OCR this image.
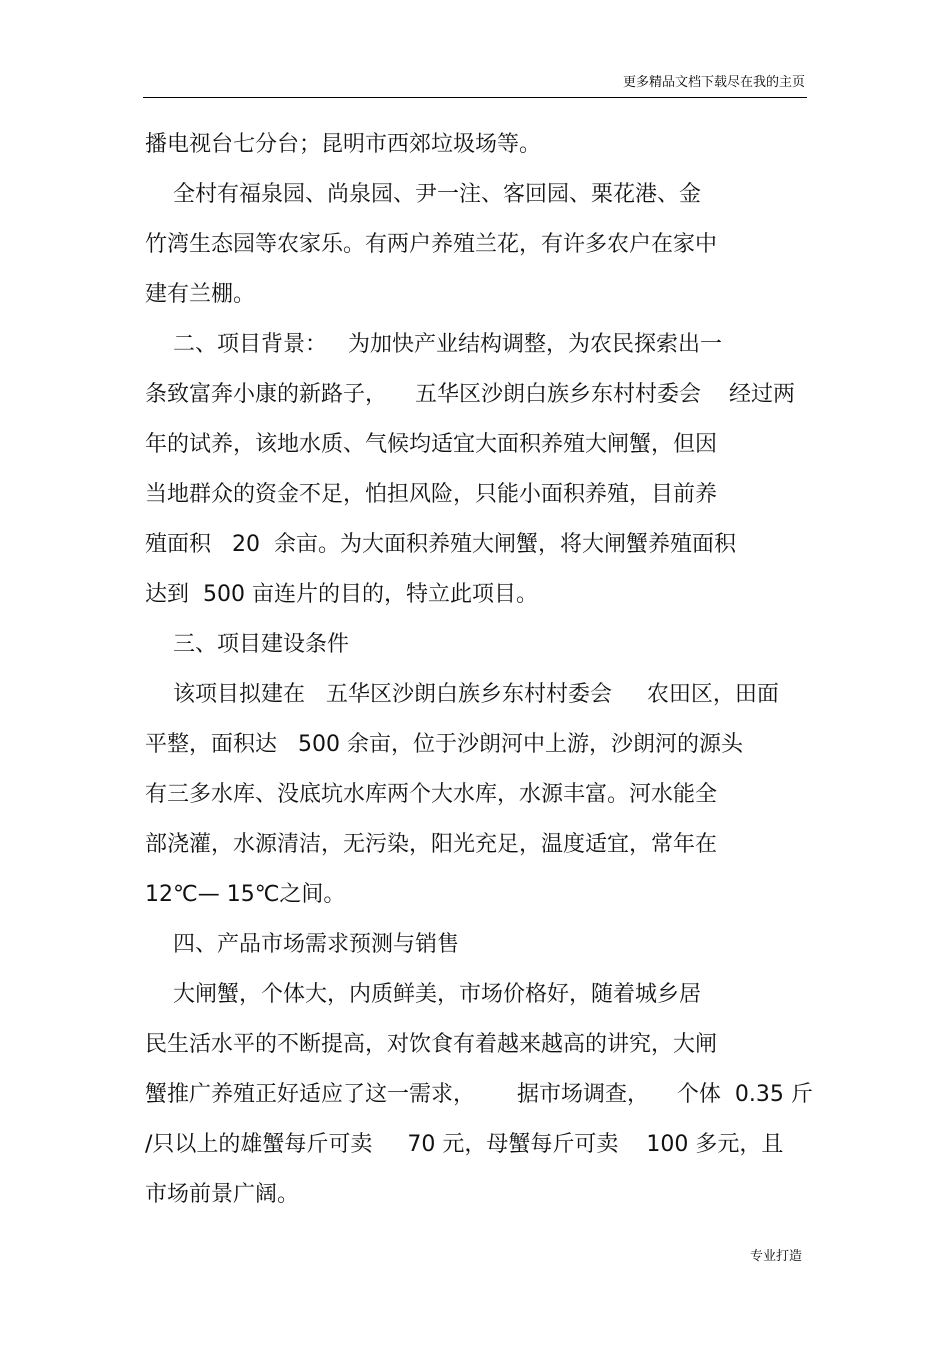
更多精品文档下载尽在我的主页
播电视台七分台；昆明市西郊垃圾场等。
全村有福泉园、尚泉园、尹一注、客回园、栗花港、金
竹湾生态园等农家乐。有两户养殖兰花，有许多农户在家中
建有兰棚。
二、项目背景：   为加快产业结构调整，为农民探索出一
条致富奔小康的新路子，    五华区沙朗白族乡东村村委会    经过两
年的试养，该地水质、气候均适宜大面积养殖大闸蟹，但因
当地群众的资金不足，怕担风险，只能小面积养殖，目前养
殖面积   20  余亩。为大面积养殖大闸蟹，将大闸蟹养殖面积
达到  500 亩连片的目的，特立此项目。
三、项目建设条件
该项目拟建在   五华区沙朗白族乡东村村委会     农田区，田面
平整，面积达   500 余亩，位于沙朗河中上游，沙朗河的源头
有三多水库、没底坑水库两个大水库，水源丰富。河水能全
部浇灌，水源清洁，无污染，阳光充足，温度适宜，常年在
12℃— 15℃之间。
四、产品市场需求预测与销售
大闸蟹，个体大，内质鲜美，市场价格好，随着城乡居
民生活水平的不断提高，对饮食有着越来越高的讲究，大闸
蟹推广养殖正好适应了这一需求，      据市场调查，    个体  0.35 斤
/只以上的雄蟹每斤可卖     70 元，母蟹每斤可卖    100 多元，且
市场前景广阔。
专业打造
